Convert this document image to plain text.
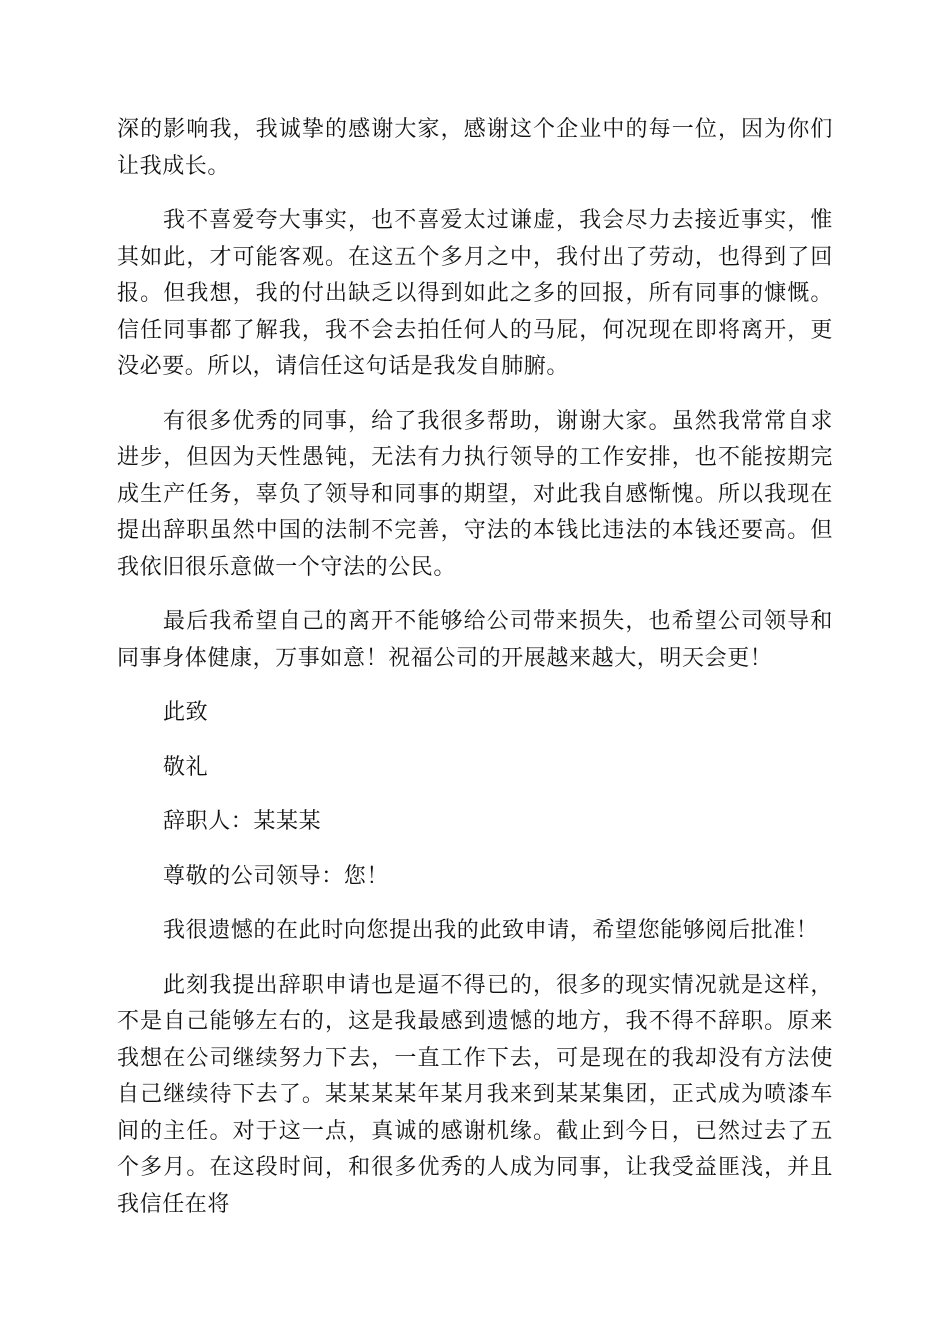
深的影响我，我诚挚的感谢大家，感谢这个企业中的每一位，因为你们让我成长。

我不喜爱夸大事实，也不喜爱太过谦虚，我会尽力去接近事实，惟其如此，才可能客观。在这五个多月之中，我付出了劳动，也得到了回报。但我想，我的付出缺乏以得到如此之多的回报，所有同事的慷慨。信任同事都了解我，我不会去拍任何人的马屁，何况现在即将离开，更没必要。所以，请信任这句话是我发自肺腑。

有很多优秀的同事，给了我很多帮助，谢谢大家。虽然我常常自求进步，但因为天性愚钝，无法有力执行领导的工作安排，也不能按期完成生产任务，辜负了领导和同事的期望，对此我自感惭愧。所以我现在提出辞职虽然中国的法制不完善，守法的本钱比违法的本钱还要高。但我依旧很乐意做一个守法的公民。

最后我希望自己的离开不能够给公司带来损失，也希望公司领导和同事身体健康，万事如意！祝福公司的开展越来越大，明天会更！

此致

敬礼

辞职人：某某某

尊敬的公司领导：您！

我很遗憾的在此时向您提出我的此致申请，希望您能够阅后批准！

此刻我提出辞职申请也是逼不得已的，很多的现实情况就是这样，不是自己能够左右的，这是我最感到遗憾的地方，我不得不辞职。原来我想在公司继续努力下去，一直工作下去，可是现在的我却没有方法使自己继续待下去了。某某某某年某月我来到某某集团，正式成为喷漆车间的主任。对于这一点，真诚的感谢机缘。截止到今日，已然过去了五个多月。在这段时间，和很多优秀的人成为同事，让我受益匪浅，并且我信任在将
